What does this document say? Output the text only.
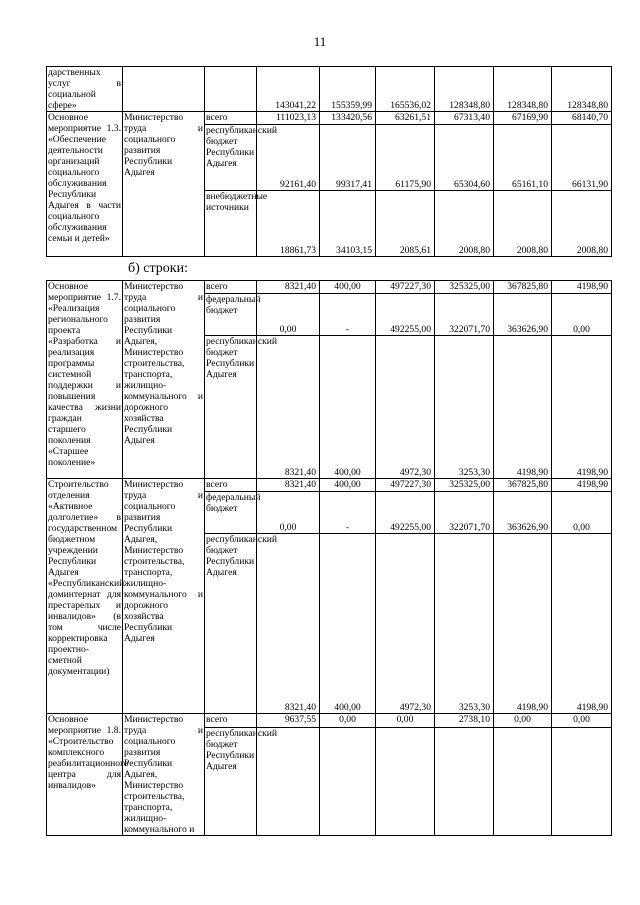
11
дарственных услуг в социальной сфере»			143041,22	155359,99	165536,02	128348,80	128348,80	128348,80
Основное мероприятие 1.3. «Обеспечение деятельности организаций социального обслуживания Республики Адыгея в части социального обслуживания семьи и детей»	Министерство труда и социального развития Республики Адыгея	всего	111023,13	133420,56	63261,51	67313,40	67169,90	68140,70
		республиканский бюджет Республики Адыгея	92161,40	99317,41	61175,90	65304,60	65161,10	66131,90
		внебюджетные источники	18861,73	34103,15	2085,61	2008,80	2008,80	2008,80
б) строки:
Основное мероприятие 1.7. «Реализация регионального проекта «Разработка и реализация программы системной поддержки и повышения качества жизни граждан старшего поколения «Старшее поколение»	Министерство труда и социального развития Республики Адыгея, Министерство строительства, транспорта, жилищно-коммунального и дорожного хозяйства Республики Адыгея	всего	8321,40	400,00	497227,30	325325,00	367825,80	4198,90
		федеральный бюджет	0,00	-	492255,00	322071,70	363626,90	0,00
		республиканский бюджет Республики Адыгея	8321,40	400,00	4972,30	3253,30	4198,90	4198,90
Строительство отделения «Активное долголетие» в государственном бюджетном учреждении Республики Адыгея «Республиканский доминтернат для престарелых и инвалидов» (в том числе корректировка проектно-сметной документации)	Министерство труда и социального развития Республики Адыгея, Министерство строительства, транспорта, жилищно-коммунального и дорожного хозяйства Республики Адыгея	всего	8321,40	400,00	497227,30	325325,00	367825,80	4198,90
		федеральный бюджет	0,00	-	492255,00	322071,70	363626,90	0,00
		республиканский бюджет Республики Адыгея	8321,40	400,00	4972,30	3253,30	4198,90	4198,90
Основное мероприятие 1.8. «Строительство комплексного реабилитационного центра для инвалидов»	Министерство труда и социального развития Республики Адыгея, Министерство строительства, транспорта, жилищно-коммунального и	всего	9637,55	0,00	0,00	2738,10	0,00	0,00
		республиканский бюджет Республики Адыгея						
